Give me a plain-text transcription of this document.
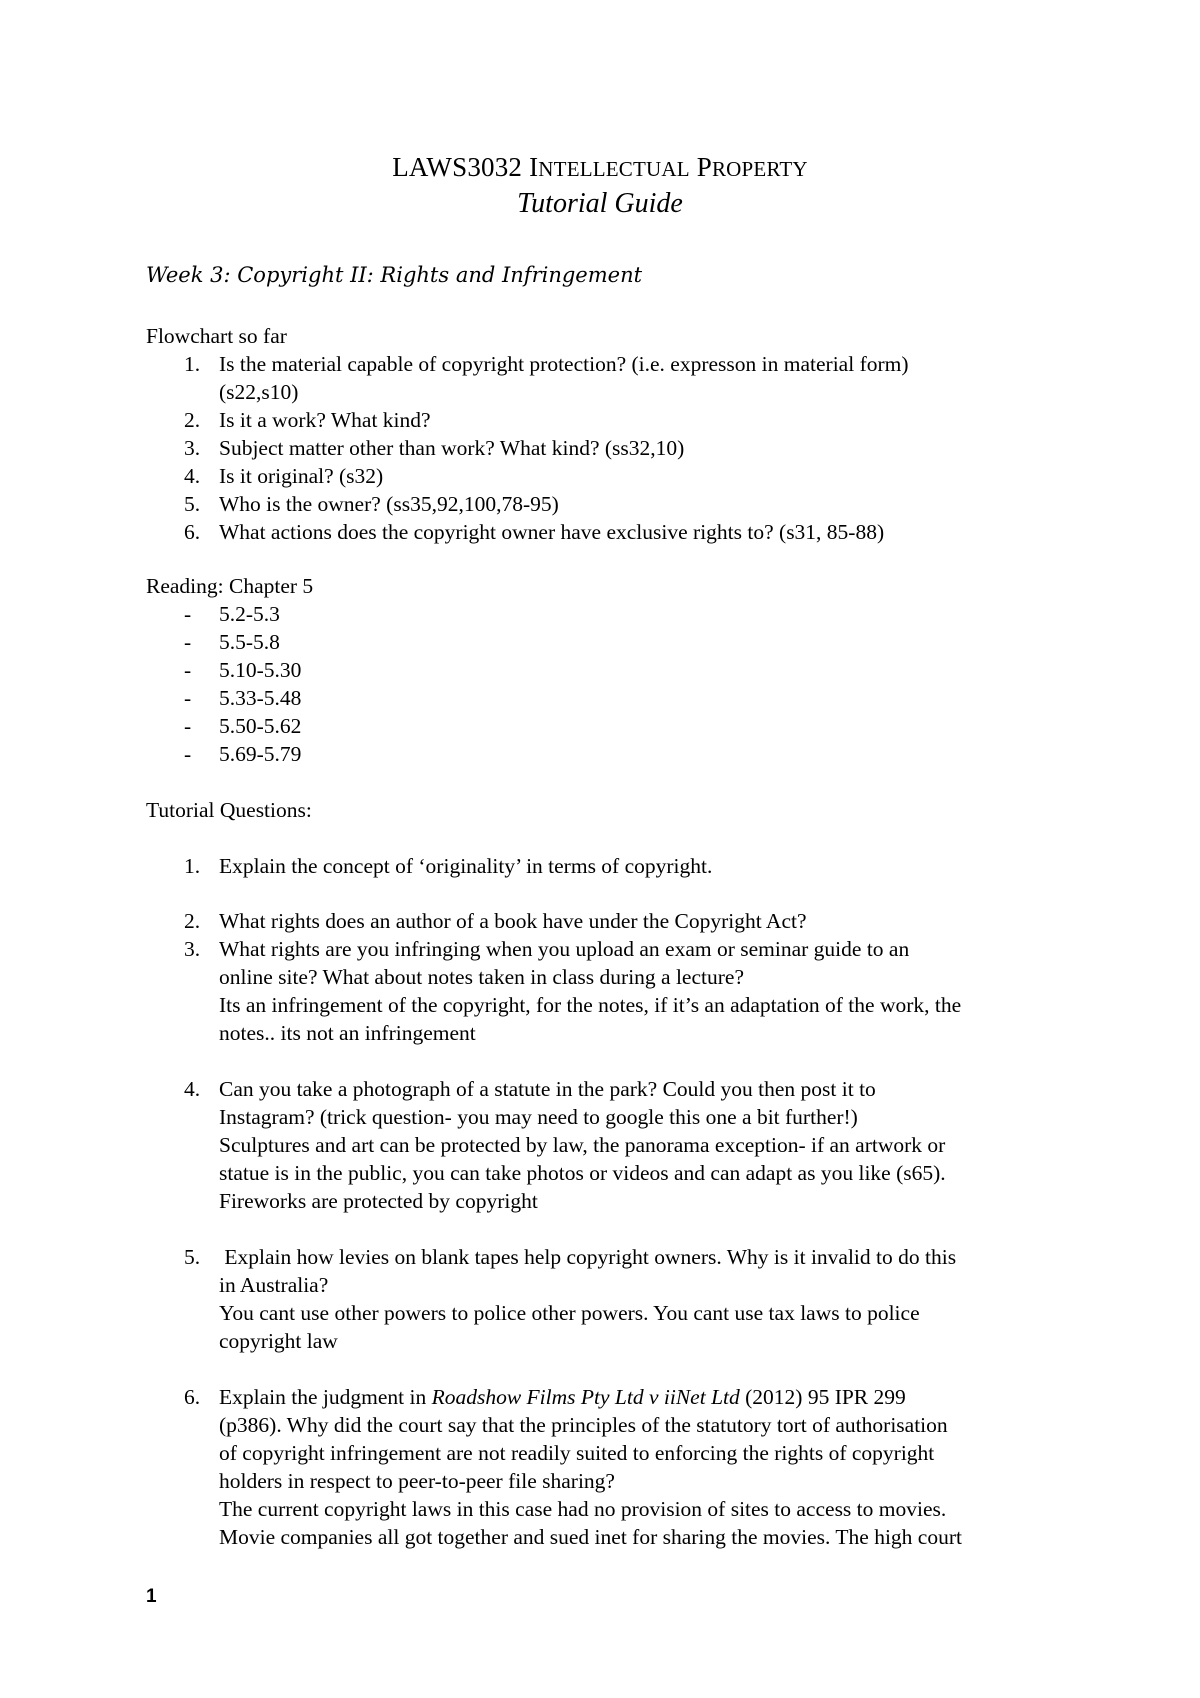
LAWS3032 INTELLECTUAL PROPERTY
Tutorial Guide
Week 3: Copyright II: Rights and Infringement
Flowchart so far
1. Is the material capable of copyright protection? (i.e. expresson in material form)
(s22,s10)
2. Is it a work? What kind?
3. Subject matter other than work? What kind? (ss32,10)
4. Is it original? (s32)
5. Who is the owner? (ss35,92,100,78-95)
6. What actions does the copyright owner have exclusive rights to? (s31, 85-88)
Reading: Chapter 5
- 5.2-5.3
- 5.5-5.8
- 5.10-5.30
- 5.33-5.48
- 5.50-5.62
- 5.69-5.79
Tutorial Questions:
1. Explain the concept of ‘originality’ in terms of copyright.
2. What rights does an author of a book have under the Copyright Act?
3. What rights are you infringing when you upload an exam or seminar guide to an
online site? What about notes taken in class during a lecture?
Its an infringement of the copyright, for the notes, if it’s an adaptation of the work, the
notes.. its not an infringement
4. Can you take a photograph of a statute in the park? Could you then post it to
Instagram? (trick question- you may need to google this one a bit further!)
Sculptures and art can be protected by law, the panorama exception- if an artwork or
statue is in the public, you can take photos or videos and can adapt as you like (s65).
Fireworks are protected by copyright
5. Explain how levies on blank tapes help copyright owners. Why is it invalid to do this
in Australia?
You cant use other powers to police other powers. You cant use tax laws to police
copyright law
6. Explain the judgment in Roadshow Films Pty Ltd v iiNet Ltd (2012) 95 IPR 299
(p386). Why did the court say that the principles of the statutory tort of authorisation
of copyright infringement are not readily suited to enforcing the rights of copyright
holders in respect to peer-to-peer file sharing?
The current copyright laws in this case had no provision of sites to access to movies.
Movie companies all got together and sued inet for sharing the movies. The high court
1
